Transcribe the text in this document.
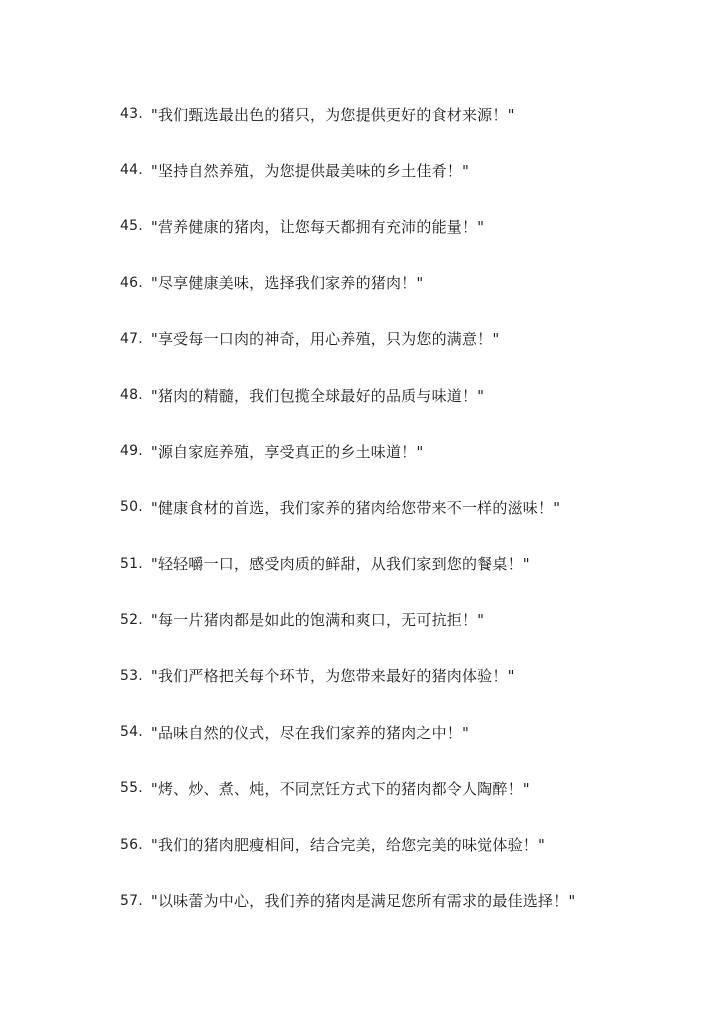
43. "我们甄选最出色的猪只，为您提供更好的食材来源！"
44. "坚持自然养殖，为您提供最美味的乡土佳肴！"
45. "营养健康的猪肉，让您每天都拥有充沛的能量！"
46. "尽享健康美味，选择我们家养的猪肉！"
47. "享受每一口肉的神奇，用心养殖，只为您的满意！"
48. "猪肉的精髓，我们包揽全球最好的品质与味道！"
49. "源自家庭养殖，享受真正的乡土味道！"
50. "健康食材的首选，我们家养的猪肉给您带来不一样的滋味！"
51. "轻轻嚼一口，感受肉质的鲜甜，从我们家到您的餐桌！"
52. "每一片猪肉都是如此的饱满和爽口，无可抗拒！"
53. "我们严格把关每个环节，为您带来最好的猪肉体验！"
54. "品味自然的仪式，尽在我们家养的猪肉之中！"
55. "烤、炒、煮、炖，不同烹饪方式下的猪肉都令人陶醉！"
56. "我们的猪肉肥瘦相间，结合完美，给您完美的味觉体验！"
57. "以味蕾为中心，我们养的猪肉是满足您所有需求的最佳选择！"
